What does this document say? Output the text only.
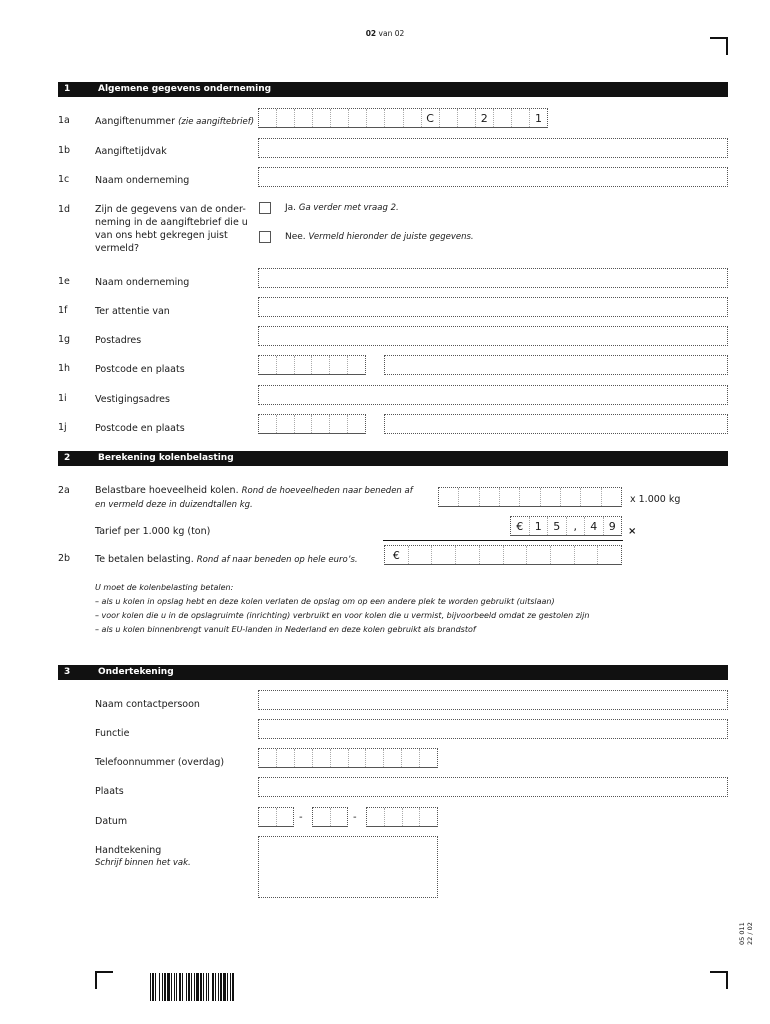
02 van 02
1	Algemene gegevens onderneming
1a	Aangiftenummer (zie aangiftebrief)	C	2	1
1b	Aangiftetijdvak
1c	Naam onderneming
1d	Zijn de gegevens van de onder-
neming in de aangiftebrief die u
van ons hebt gekregen juist
vermeld?
Ja. Ga verder met vraag 2.
Nee. Vermeld hieronder de juiste gegevens.
1e	Naam onderneming
1f	Ter attentie van
1g	Postadres
1h	Postcode en plaats
1i	Vestigingsadres
1j	Postcode en plaats
2	Berekening kolenbelasting
2a	Belastbare hoeveelheid kolen. Rond de hoeveelheden naar beneden af
en vermeld deze in duizendtallen kg.	x 1.000 kg
Tarief per 1.000 kg (ton)	€	1	5	,	4	9	×
2b	Te betalen belasting. Rond af naar beneden op hele euro’s.	€
U moet de kolenbelasting betalen:
– als u kolen in opslag hebt en deze kolen verlaten de opslag om op een andere plek te worden gebruikt (uitslaan)
– voor kolen die u in de opslagruimte (inrichting) verbruikt en voor kolen die u vermist, bijvoorbeeld omdat ze gestolen zijn
– als u kolen binnenbrengt vanuit EU-landen in Nederland en deze kolen gebruikt als brandstof
3	Ondertekening
Naam contactpersoon
Functie
Telefoonnummer (overdag)
Plaats
Datum	-	-
Handtekening
Schrijf binnen het vak.
05 011 22 / 02
